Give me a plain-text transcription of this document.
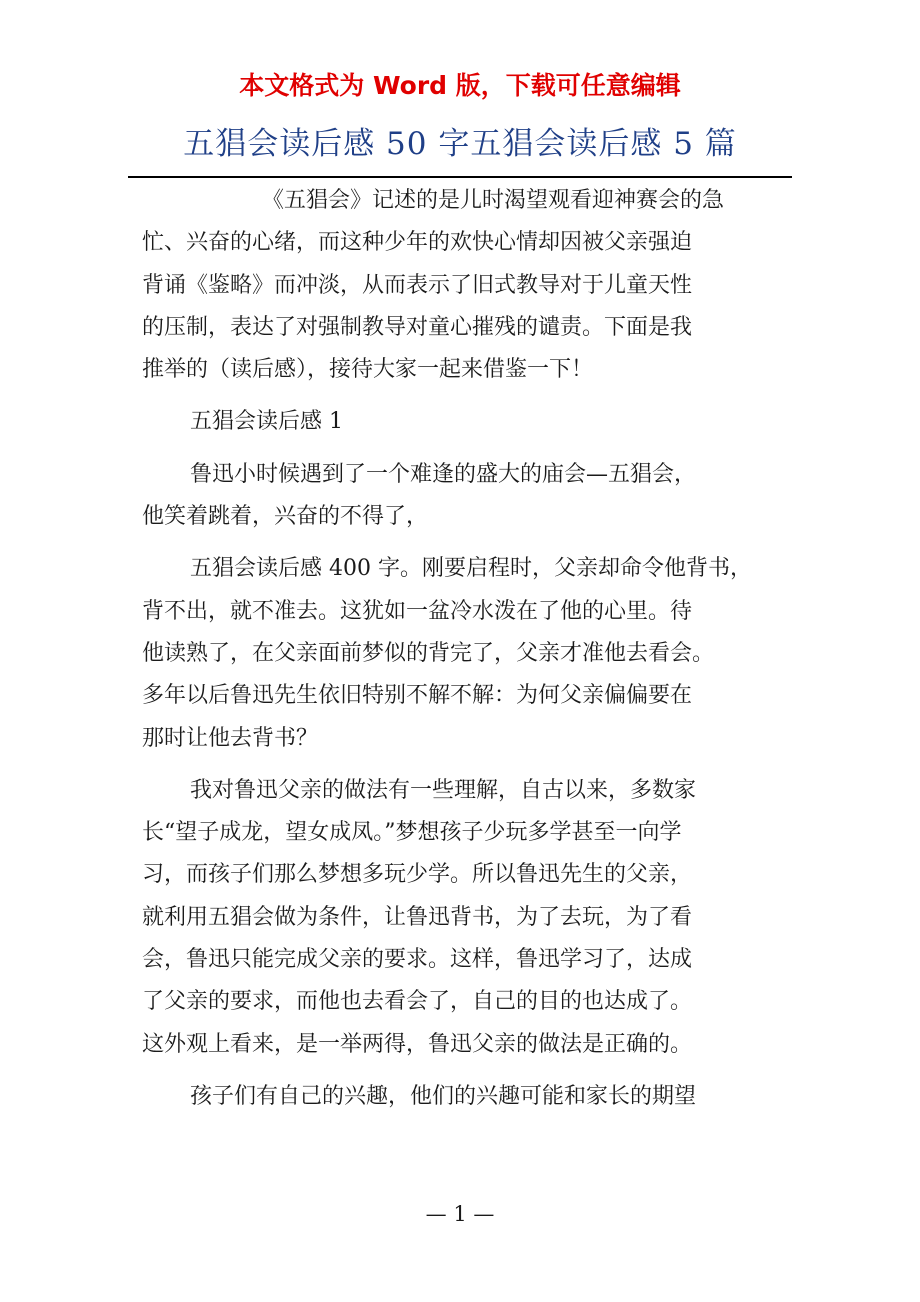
本文格式为 Word 版，下载可任意编辑
五猖会读后感 50 字五猖会读后感 5 篇
《五猖会》记述的是儿时渴望观看迎神赛会的急
忙、兴奋的心绪，而这种少年的欢快心情却因被父亲强迫
背诵《鉴略》而冲淡，从而表示了旧式教导对于儿童天性
的压制，表达了对强制教导对童心摧残的谴责。下面是我
推举的（读后感），接待大家一起来借鉴一下！
五猖会读后感 1
鲁迅小时候遇到了一个难逢的盛大的庙会—五猖会，
他笑着跳着，兴奋的不得了，
五猖会读后感 400 字。刚要启程时，父亲却命令他背书，
背不出，就不准去。这犹如一盆冷水泼在了他的心里。待
他读熟了，在父亲面前梦似的背完了，父亲才准他去看会。
多年以后鲁迅先生依旧特别不解不解：为何父亲偏偏要在
那时让他去背书？
我对鲁迅父亲的做法有一些理解，自古以来，多数家
长“望子成龙，望女成凤。”梦想孩子少玩多学甚至一向学
习，而孩子们那么梦想多玩少学。所以鲁迅先生的父亲，
就利用五猖会做为条件，让鲁迅背书，为了去玩，为了看
会，鲁迅只能完成父亲的要求。这样，鲁迅学习了，达成
了父亲的要求，而他也去看会了，自己的目的也达成了。
这外观上看来，是一举两得，鲁迅父亲的做法是正确的。
孩子们有自己的兴趣，他们的兴趣可能和家长的期望
— 1 —
